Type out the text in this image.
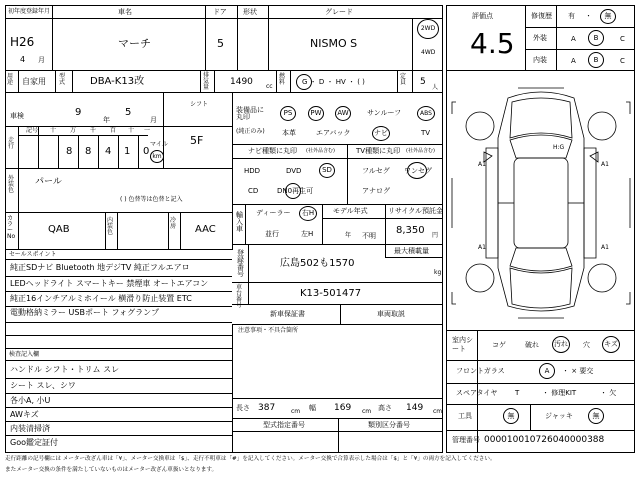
初年度登録年月	車名	ドア 形状	グレード
H26
4 月
マーチ	5	NISMO S
2WD
4WD
用途	自家用
型式	DBA-K13改
排気量
1490 cc
燃料	G ・ D ・ HV ・ ( )
定員	5
人
車検	9
年
5
月
シフト
5F
走行
記号 十 万 千 百 十 一
8 8 4 1 0
マイル
km
外装色
パール
( ) 色替等は色替と記入
カラーNo
QAB
内装色
冷房 AAC
装備品に丸印
(純正のみ)
PS	PW AW	サンルーフ	ABS
本革	エアバック	ナビ	TV
ナビ種類に丸印 (社外品含む)
HDD	DVD	SD
CD	DN0再生可
TV種類に丸印 (社外品含む)
フルセグ ワンセグ
アナログ
輸入車
ディーラー
並行
右H
左H
モデル年式
年 不明
リサイクル預託金
8,350 円
登録番号
広島502も1570
最大積載量
kg
車台番号
K13-501477
新車保証書	車両取説
注意事項・不具合箇所
セールスポイント
純正SDナビ Bluetooth 地デジTV 純正フルエアロ
LEDヘッドライト スマートキー 禁煙車 オートエアコン
純正16インチアルミホイール 横滑り防止装置 ETC
電動格納ミラー USBポート フォグランプ
検査記入欄
ハンドル シフト・トリム スレ
シート スレ、シワ
各小A, 小U
AWキズ
内装清掃済
Goo鑑定証付
長さ 387	cm 幅 169 cm 高さ 149 cm
型式指定番号	類別区分番号
評価点
4.5
修復歴 有 ・ 無
外装	A	B	C
内装	A	B	C
A1	A1
A1	A1
H:G
室内シート
コゲ	破れ 汚れ 穴 キズ
フロントガラス	A ・ × 要交
スペアタイヤ	T	・ 修理KIT	・ 欠
工具	無	ジャッキ	無
管理番号 000010010726040000388
走行距離の記号欄には メーター改ざん車は「¥」、メーター交換車は「$」、走行不明車は「#」を記入してください。メーター交換で合算表示した場合は「$」と「¥」の両方を記入してください。
またメーター交換の条件を満たしていないものはメーター改ざん車扱いとなります。
